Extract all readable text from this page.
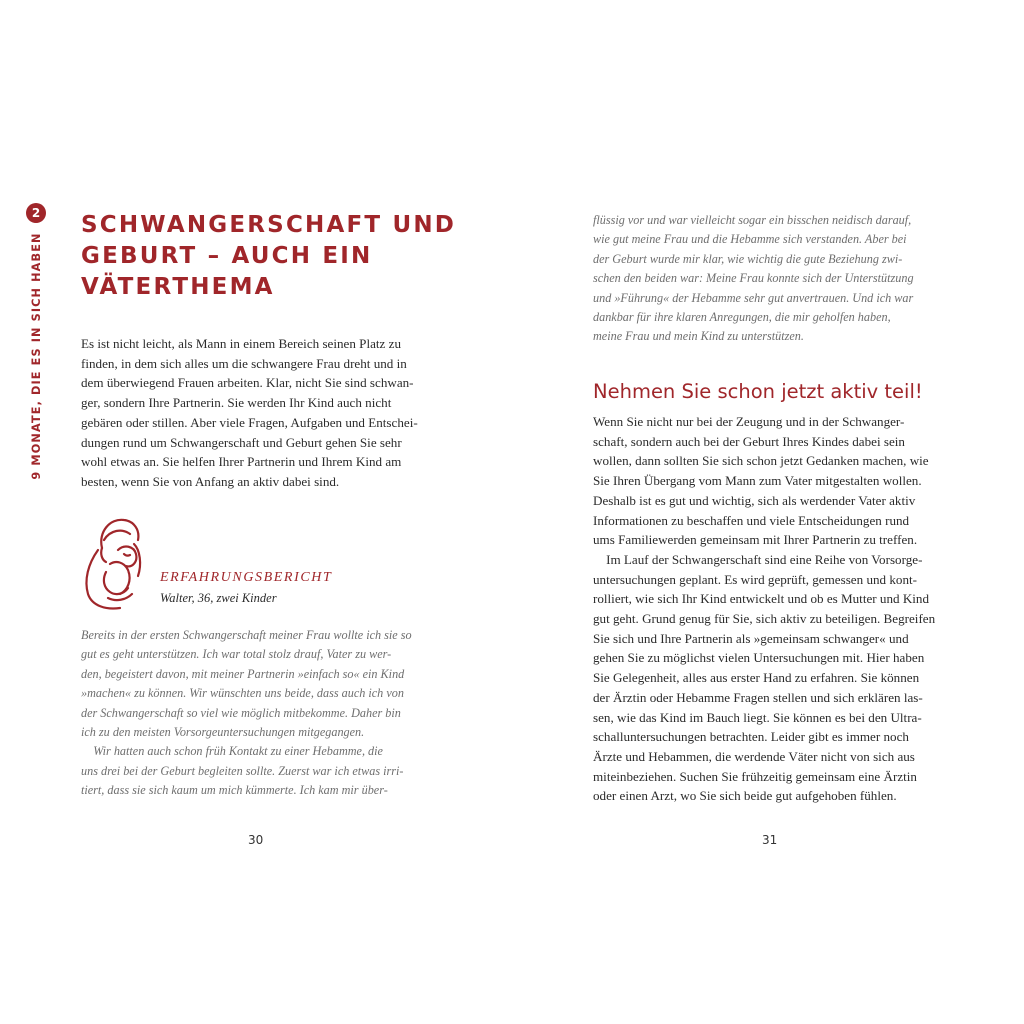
2
9 MONATE, DIE ES IN SICH HABEN
SCHWANGERSCHAFT UND
GEBURT – AUCH EIN
VÄTERTHEMA
Es ist nicht leicht, als Mann in einem Bereich seinen Platz zu
finden, in dem sich alles um die schwangere Frau dreht und in
dem überwiegend Frauen arbeiten. Klar, nicht Sie sind schwan-
ger, sondern Ihre Partnerin. Sie werden Ihr Kind auch nicht
gebären oder stillen. Aber viele Fragen, Aufgaben und Entschei-
dungen rund um Schwangerschaft und Geburt gehen Sie sehr
wohl etwas an. Sie helfen Ihrer Partnerin und Ihrem Kind am
besten, wenn Sie von Anfang an aktiv dabei sind.
ERFAHRUNGSBERICHT
Walter, 36, zwei Kinder
Bereits in der ersten Schwangerschaft meiner Frau wollte ich sie so
gut es geht unterstützen. Ich war total stolz drauf, Vater zu wer-
den, begeistert davon, mit meiner Partnerin »einfach so« ein Kind
»machen« zu können. Wir wünschten uns beide, dass auch ich von
der Schwangerschaft so viel wie möglich mitbekomme. Daher bin
ich zu den meisten Vorsorgeuntersuchungen mitgegangen.
Wir hatten auch schon früh Kontakt zu einer Hebamme, die
uns drei bei der Geburt begleiten sollte. Zuerst war ich etwas irri-
tiert, dass sie sich kaum um mich kümmerte. Ich kam mir über-
30
flüssig vor und war vielleicht sogar ein bisschen neidisch darauf,
wie gut meine Frau und die Hebamme sich verstanden. Aber bei
der Geburt wurde mir klar, wie wichtig die gute Beziehung zwi-
schen den beiden war: Meine Frau konnte sich der Unterstützung
und »Führung« der Hebamme sehr gut anvertrauen. Und ich war
dankbar für ihre klaren Anregungen, die mir geholfen haben,
meine Frau und mein Kind zu unterstützen.
Nehmen Sie schon jetzt aktiv teil!
Wenn Sie nicht nur bei der Zeugung und in der Schwanger-
schaft, sondern auch bei der Geburt Ihres Kindes dabei sein
wollen, dann sollten Sie sich schon jetzt Gedanken machen, wie
Sie Ihren Übergang vom Mann zum Vater mitgestalten wollen.
Deshalb ist es gut und wichtig, sich als werdender Vater aktiv
Informationen zu beschaffen und viele Entscheidungen rund
ums Familiewerden gemeinsam mit Ihrer Partnerin zu treffen.
Im Lauf der Schwangerschaft sind eine Reihe von Vorsorge-
untersuchungen geplant. Es wird geprüft, gemessen und kont-
rolliert, wie sich Ihr Kind entwickelt und ob es Mutter und Kind
gut geht. Grund genug für Sie, sich aktiv zu beteiligen. Begreifen
Sie sich und Ihre Partnerin als »gemeinsam schwanger« und
gehen Sie zu möglichst vielen Untersuchungen mit. Hier haben
Sie Gelegenheit, alles aus erster Hand zu erfahren. Sie können
der Ärztin oder Hebamme Fragen stellen und sich erklären las-
sen, wie das Kind im Bauch liegt. Sie können es bei den Ultra-
schalluntersuchungen betrachten. Leider gibt es immer noch
Ärzte und Hebammen, die werdende Väter nicht von sich aus
miteinbeziehen. Suchen Sie frühzeitig gemeinsam eine Ärztin
oder einen Arzt, wo Sie sich beide gut aufgehoben fühlen.
31
